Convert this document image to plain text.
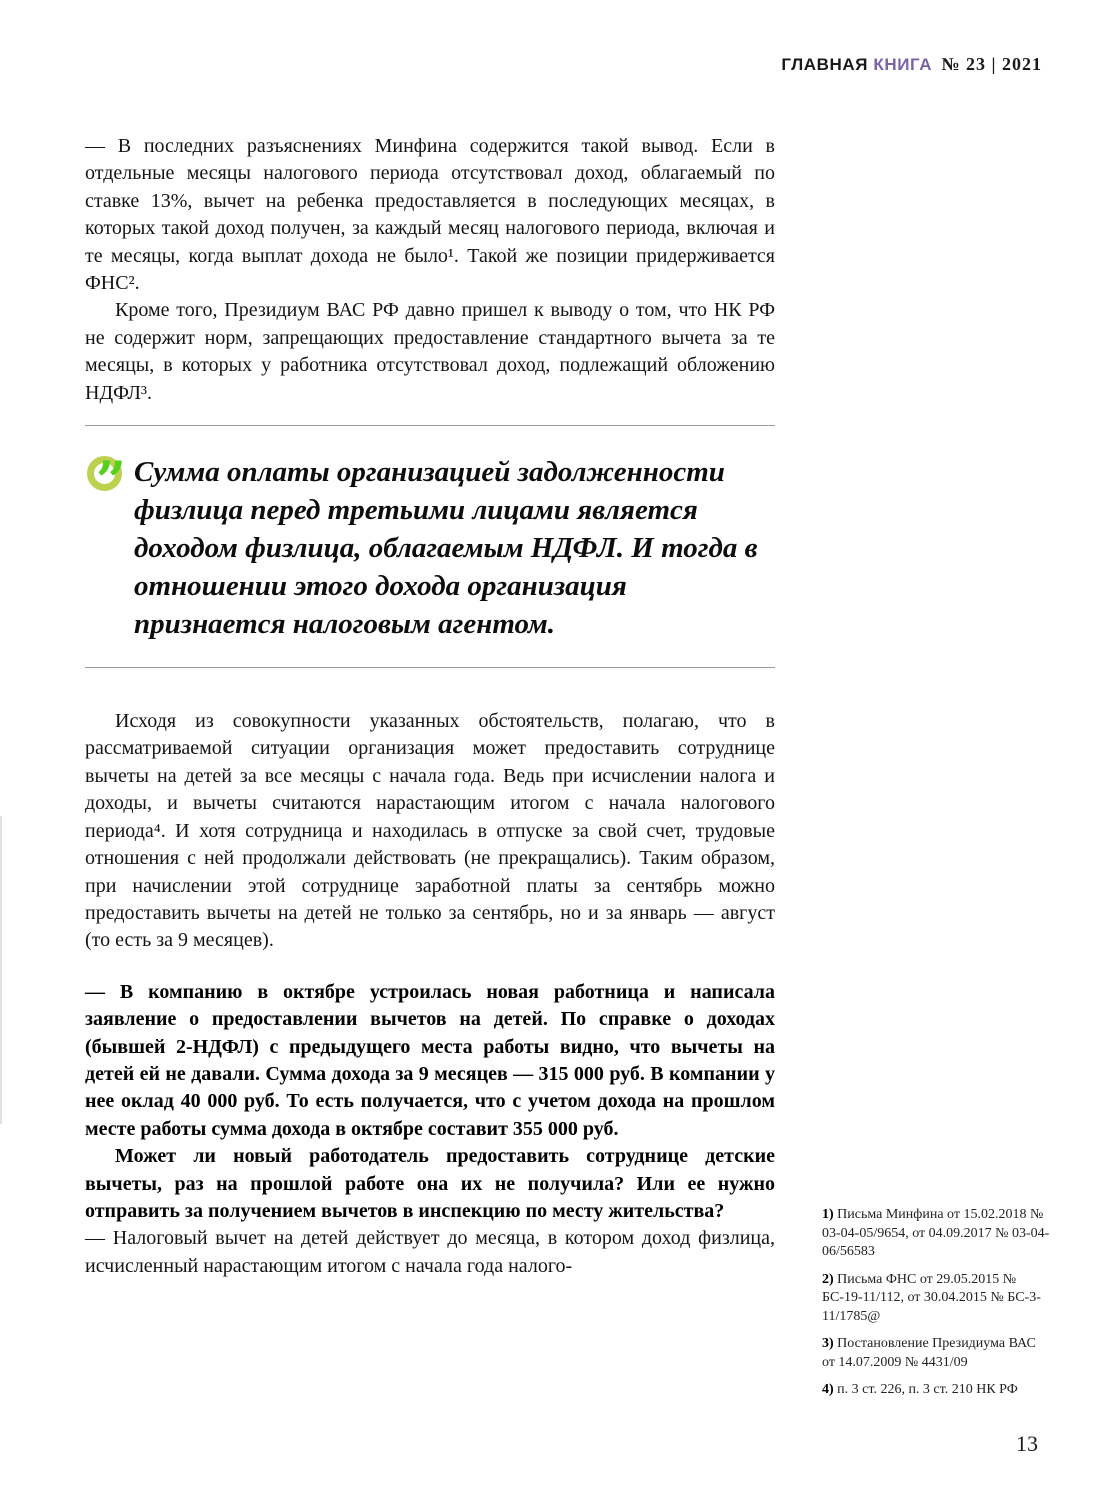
ГЛАВНАЯ КНИГА № 23 | 2021

— В последних разъяснениях Минфина содержится такой вывод. Если в отдельные месяцы налогового периода отсутствовал доход, облагаемый по ставке 13%, вычет на ребенка предоставляется в последующих месяцах, в которых такой доход получен, за каждый месяц налогового периода, включая и те месяцы, когда выплат дохода не было¹. Такой же позиции придерживается ФНС².

Кроме того, Президиум ВАС РФ давно пришел к выводу о том, что НК РФ не содержит норм, запрещающих предоставление стандартного вычета за те месяцы, в которых у работника отсутствовал доход, подлежащий обложению НДФЛ³.

”
Сумма оплаты организацией задолженности физлица перед третьими лицами является доходом физлица, облагаемым НДФЛ. И тогда в отношении этого дохода организация признается налоговым агентом.

Исходя из совокупности указанных обстоятельств, полагаю, что в рассматриваемой ситуации организация может предоставить сотруднице вычеты на детей за все месяцы с начала года. Ведь при исчислении налога и доходы, и вычеты считаются нарастающим итогом с начала налогового периода⁴. И хотя сотрудница и находилась в отпуске за свой счет, трудовые отношения с ней продолжали действовать (не прекращались). Таким образом, при начислении этой сотруднице заработной платы за сентябрь можно предоставить вычеты на детей не только за сентябрь, но и за январь — август (то есть за 9 месяцев).

— В компанию в октябре устроилась новая работница и написала заявление о предоставлении вычетов на детей. По справке о доходах (бывшей 2-НДФЛ) с предыдущего места работы видно, что вычеты на детей ей не давали. Сумма дохода за 9 месяцев — 315 000 руб. В компании у нее оклад 40 000 руб. То есть получается, что с учетом дохода на прошлом месте работы сумма дохода в октябре составит 355 000 руб.

Может ли новый работодатель предоставить сотруднице детские вычеты, раз на прошлой работе она их не получила? Или ее нужно отправить за получением вычетов в инспекцию по месту жительства?

— Налоговый вычет на детей действует до месяца, в котором доход физлица, исчисленный нарастающим итогом с начала года налого-

1) Письма Минфина от 15.02.2018 № 03-04-05/9654, от 04.09.2017 № 03-04-06/56583
2) Письма ФНС от 29.05.2015 № БС-19-11/112, от 30.04.2015 № БС-3-11/1785@
3) Постановление Президиума ВАС от 14.07.2009 № 4431/09
4) п. 3 ст. 226, п. 3 ст. 210 НК РФ
13
